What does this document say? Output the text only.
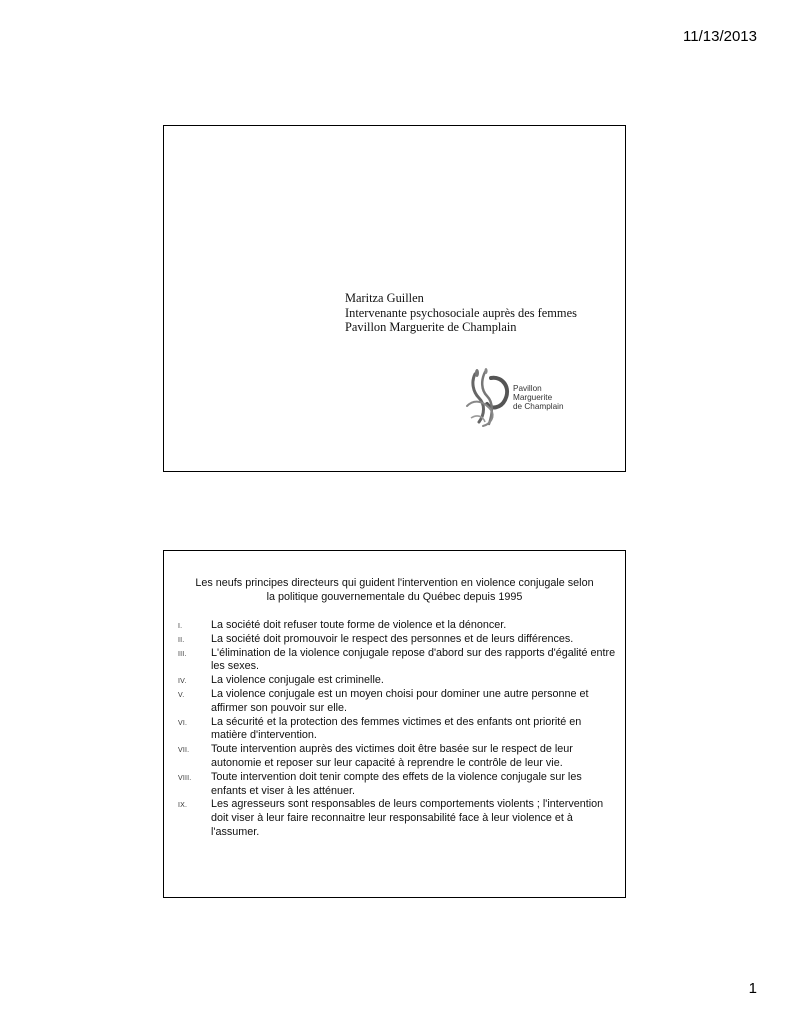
11/13/2013
Maritza Guillen
Intervenante psychosociale auprès des femmes
Pavillon Marguerite de Champlain
Pavillon
Marguerite
de Champlain
Les neufs principes directeurs qui guident l'intervention en violence conjugale selon
la politique gouvernementale du Québec depuis 1995
I.	La société doit refuser toute forme de violence et la dénoncer.
II. La société doit promouvoir le respect des personnes et de leurs différences.
III. L'élimination de la violence conjugale repose d'abord sur des rapports d'égalité entre les sexes.
IV. La violence conjugale est criminelle.
V. La violence conjugale est un moyen choisi pour dominer une autre personne et affirmer son pouvoir sur elle.
VI. La sécurité et la protection des femmes victimes et des enfants ont priorité en matière d'intervention.
VII. Toute intervention auprès des victimes doit être basée sur le respect de leur autonomie et reposer sur leur capacité à reprendre le contrôle de leur vie.
VIII. Toute intervention doit tenir compte des effets de la violence conjugale sur les enfants et viser à les atténuer.
IX. Les agresseurs sont responsables de leurs comportements violents ; l'intervention doit viser à leur faire reconnaitre leur responsabilité face à leur violence et à l'assumer.
1
